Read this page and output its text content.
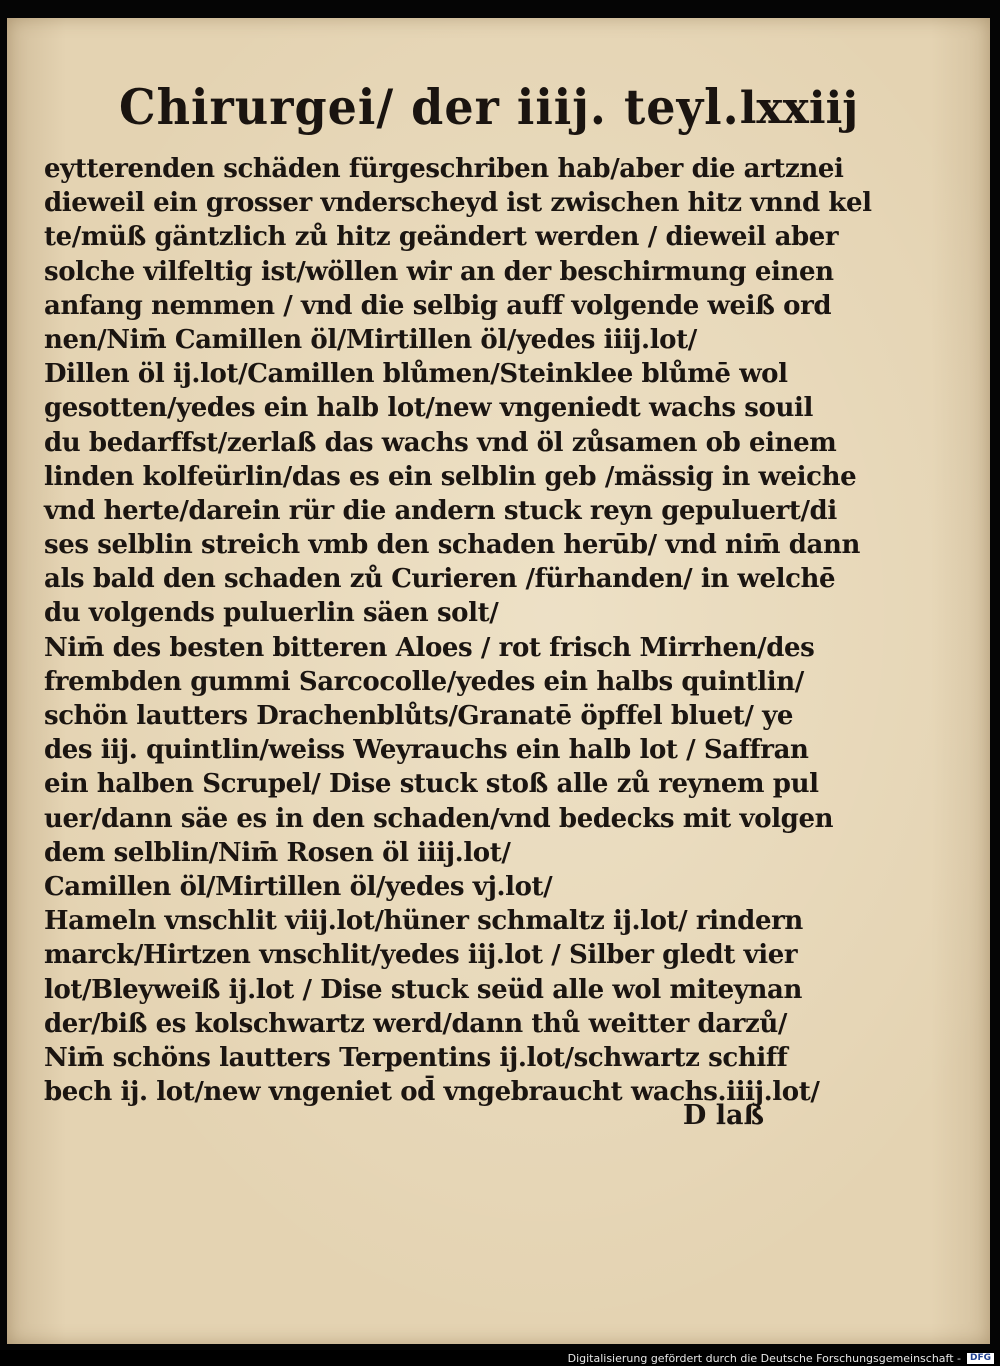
Chirurgei/ der iiij. teyl. lxxiij
eytterenden schäden fürgeschriben hab/aber die artznei
dieweil ein grosser vnderscheyd ist zwischen hitz vnnd kel
te/müß gäntzlich zů hitz geändert werden / dieweil aber
solche vilfeltig ist/wöllen wir an der beschirmung einen
anfang nemmen / vnd die selbig auff volgende weiß ord
nen/Nim̄ Camillen öl/Mirtillen öl/yedes iiij.lot/
Dillen öl ij.lot/Camillen blůmen/Steinklee blůmē wol
gesotten/yedes ein halb lot/new vngeniedt wachs souil
du bedarffst/zerlaß das wachs vnd öl zůsamen ob einem
linden kolfeürlin/das es ein selblin geb /mässig in weiche
vnd herte/darein rür die andern stuck reyn gepuluert/di
ses selblin streich vmb den schaden herūb/ vnd nim̄ dann
als bald den schaden zů Curieren /fürhanden/ in welchē
du volgends puluerlin säen solt/
Nim̄ des besten bitteren Aloes / rot frisch Mirrhen/des
frembden gummi Sarcocolle/yedes ein halbs quintlin/
schön lautters Drachenblůts/Granatē öpffel bluet/ ye
des iij. quintlin/weiss Weyrauchs ein halb lot / Saffran
ein halben Scrupel/ Dise stuck stoß alle zů reynem pul
uer/dann säe es in den schaden/vnd bedecks mit volgen
dem selblin/Nim̄ Rosen öl iiij.lot/
Camillen öl/Mirtillen öl/yedes vj.lot/
Hameln vnschlit viij.lot/hüner schmaltz ij.lot/ rindern
marck/Hirtzen vnschlit/yedes iij.lot / Silber gledt vier
lot/Bleyweiß ij.lot / Dise stuck seüd alle wol miteynan
der/biß es kolschwartz werd/dann thů weitter darzů/
Nim̄ schöns lautters Terpentins ij.lot/schwartz schiff
bech ij. lot/new vngeniet od̄ vngebraucht wachs.iiij.lot/
D laß
Digitalisierung gefördert durch die Deutsche Forschungsgemeinschaft -	DFG
